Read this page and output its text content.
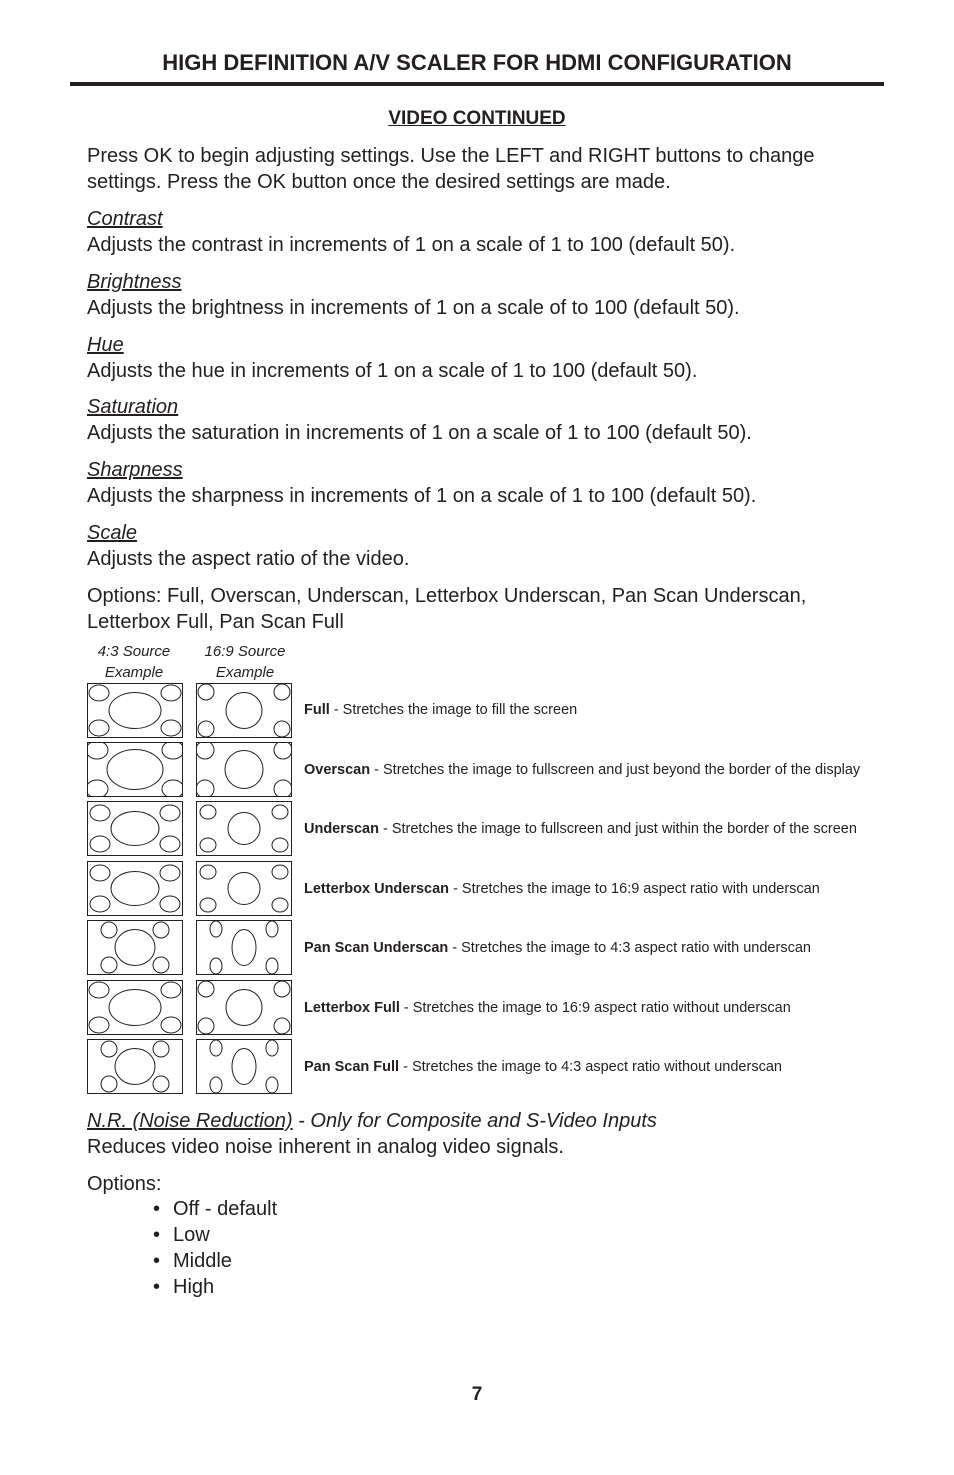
HIGH DEFINITION A/V SCALER FOR HDMI CONFIGURATION
VIDEO CONTINUED
Press OK to begin adjusting settings. Use the LEFT and RIGHT buttons to change settings. Press the OK button once the desired settings are made.
Contrast
Adjusts the contrast in increments of 1 on a scale of 1 to 100 (default 50).
Brightness
Adjusts the brightness in increments of 1 on a scale of to 100 (default 50).
Hue
Adjusts the hue in increments of 1 on a scale of 1 to 100 (default 50).
Saturation
Adjusts the saturation in increments of 1 on a scale of 1 to 100 (default 50).
Sharpness
Adjusts the sharpness in increments of 1 on a scale of 1 to 100 (default 50).
Scale
Adjusts the aspect ratio of the video.
Options: Full, Overscan, Underscan, Letterbox Underscan, Pan Scan Underscan, Letterbox Full, Pan Scan Full
4:3 Source
Example
16:9 Source
Example
Full - Stretches the image to fill the screen
Overscan - Stretches the image to fullscreen and just beyond the border of the display
Underscan - Stretches the image to fullscreen and just within the border of the screen
Letterbox Underscan - Stretches the image to 16:9 aspect ratio with underscan
Pan Scan Underscan - Stretches the image to 4:3 aspect ratio with underscan
Letterbox Full - Stretches the image to 16:9 aspect ratio without underscan
Pan Scan Full - Stretches the image to 4:3 aspect ratio without underscan
N.R. (Noise Reduction) - Only for Composite and S-Video Inputs
Reduces video noise inherent in analog video signals.
Options:
• Off - default
• Low
• Middle
• High
7
